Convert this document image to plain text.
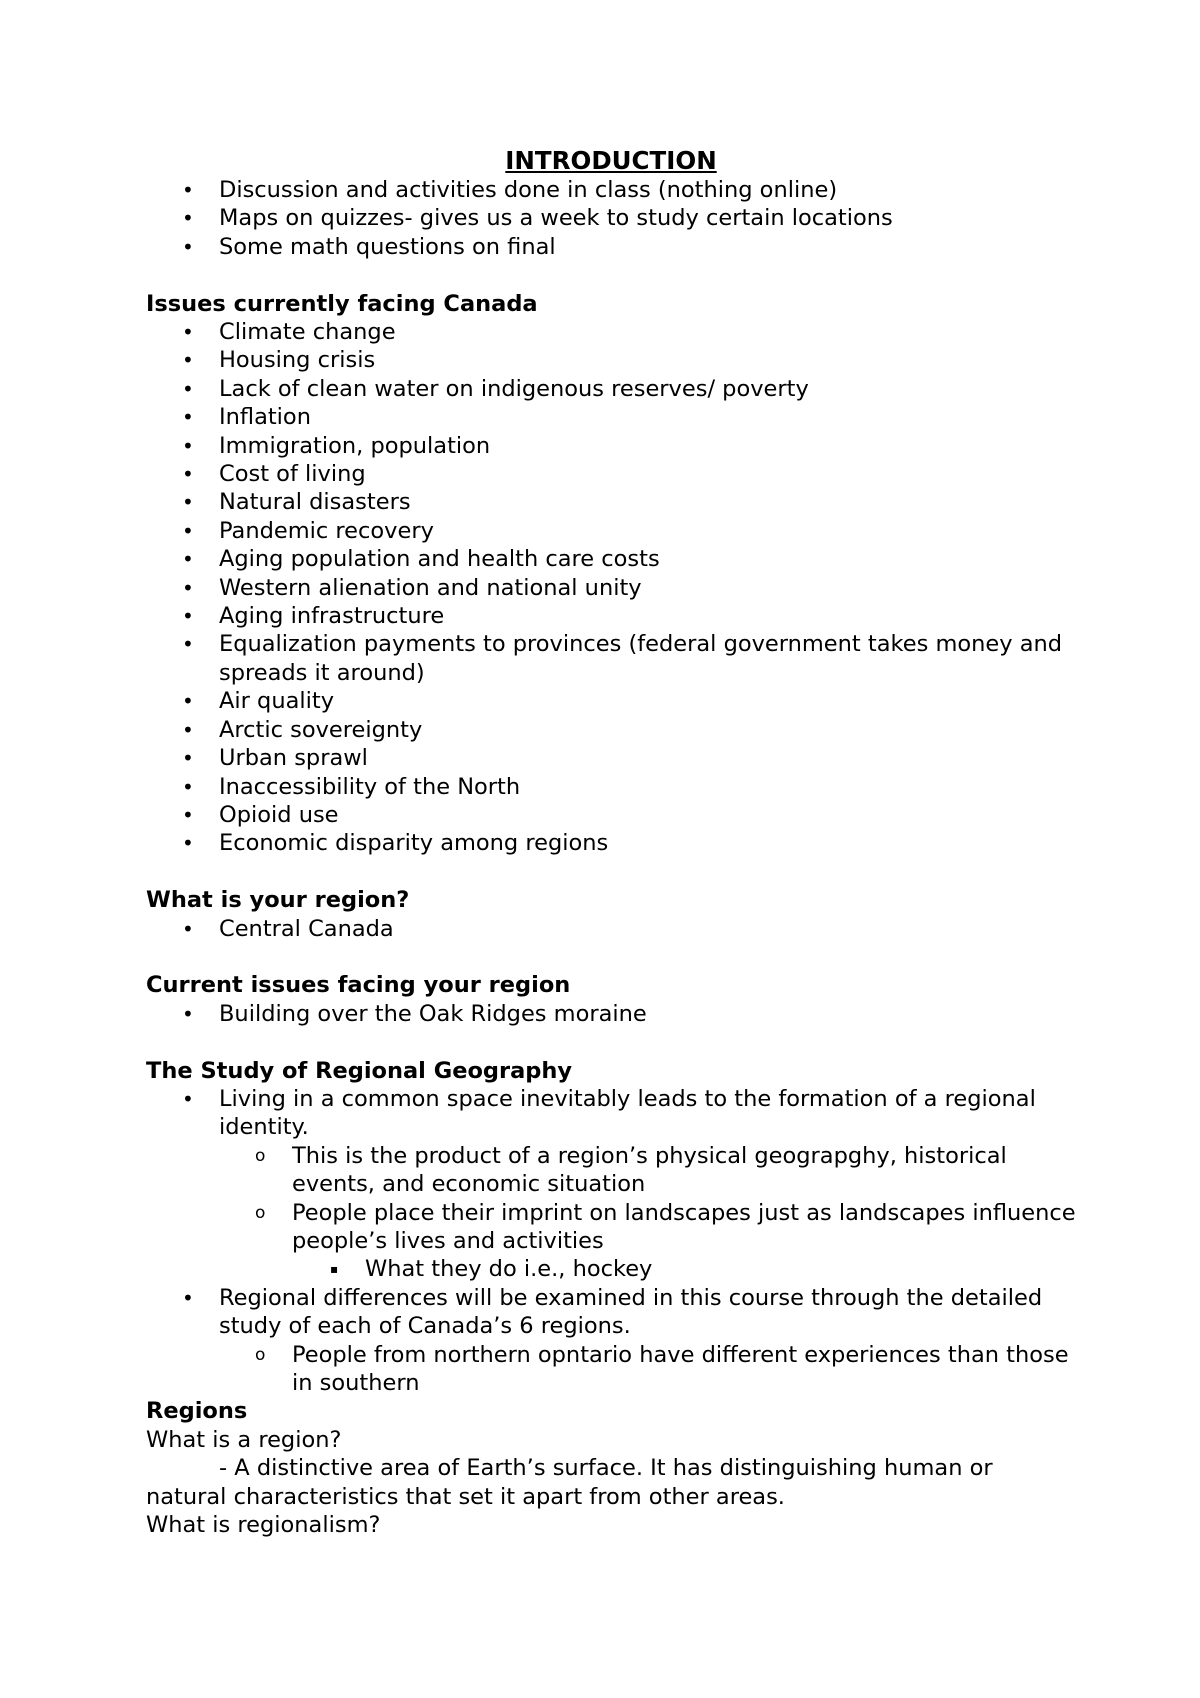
INTRODUCTION
• Discussion and activities done in class (nothing online)
• Maps on quizzes- gives us a week to study certain locations
• Some math questions on final

Issues currently facing Canada

• Climate change
• Housing crisis
• Lack of clean water on indigenous reserves/ poverty
• Inflation
• Immigration, population
• Cost of living
• Natural disasters
• Pandemic recovery
• Aging population and health care costs
• Western alienation and national unity
• Aging infrastructure
• Equalization payments to provinces (federal government takes money and spreads it around)
• Air quality
• Arctic sovereignty
• Urban sprawl
• Inaccessibility of the North
• Opioid use
• Economic disparity among regions

What is your region?

• Central Canada

Current issues facing your region

• Building over the Oak Ridges moraine

The Study of Regional Geography

• Living in a common space inevitably leads to the formation of a regional identity.
o This is the product of a region’s physical geograpghy, historical events, and economic situation
o People place their imprint on landscapes just as landscapes influence people’s lives and activities
▪ What they do i.e., hockey
• Regional differences will be examined in this course through the detailed study of each of Canada’s 6 regions.
o People from northern opntario have different experiences than those in southern

Regions

What is a region?

- A distinctive area of Earth’s surface. It has distinguishing human or natural characteristics that set it apart from other areas.

What is regionalism?
